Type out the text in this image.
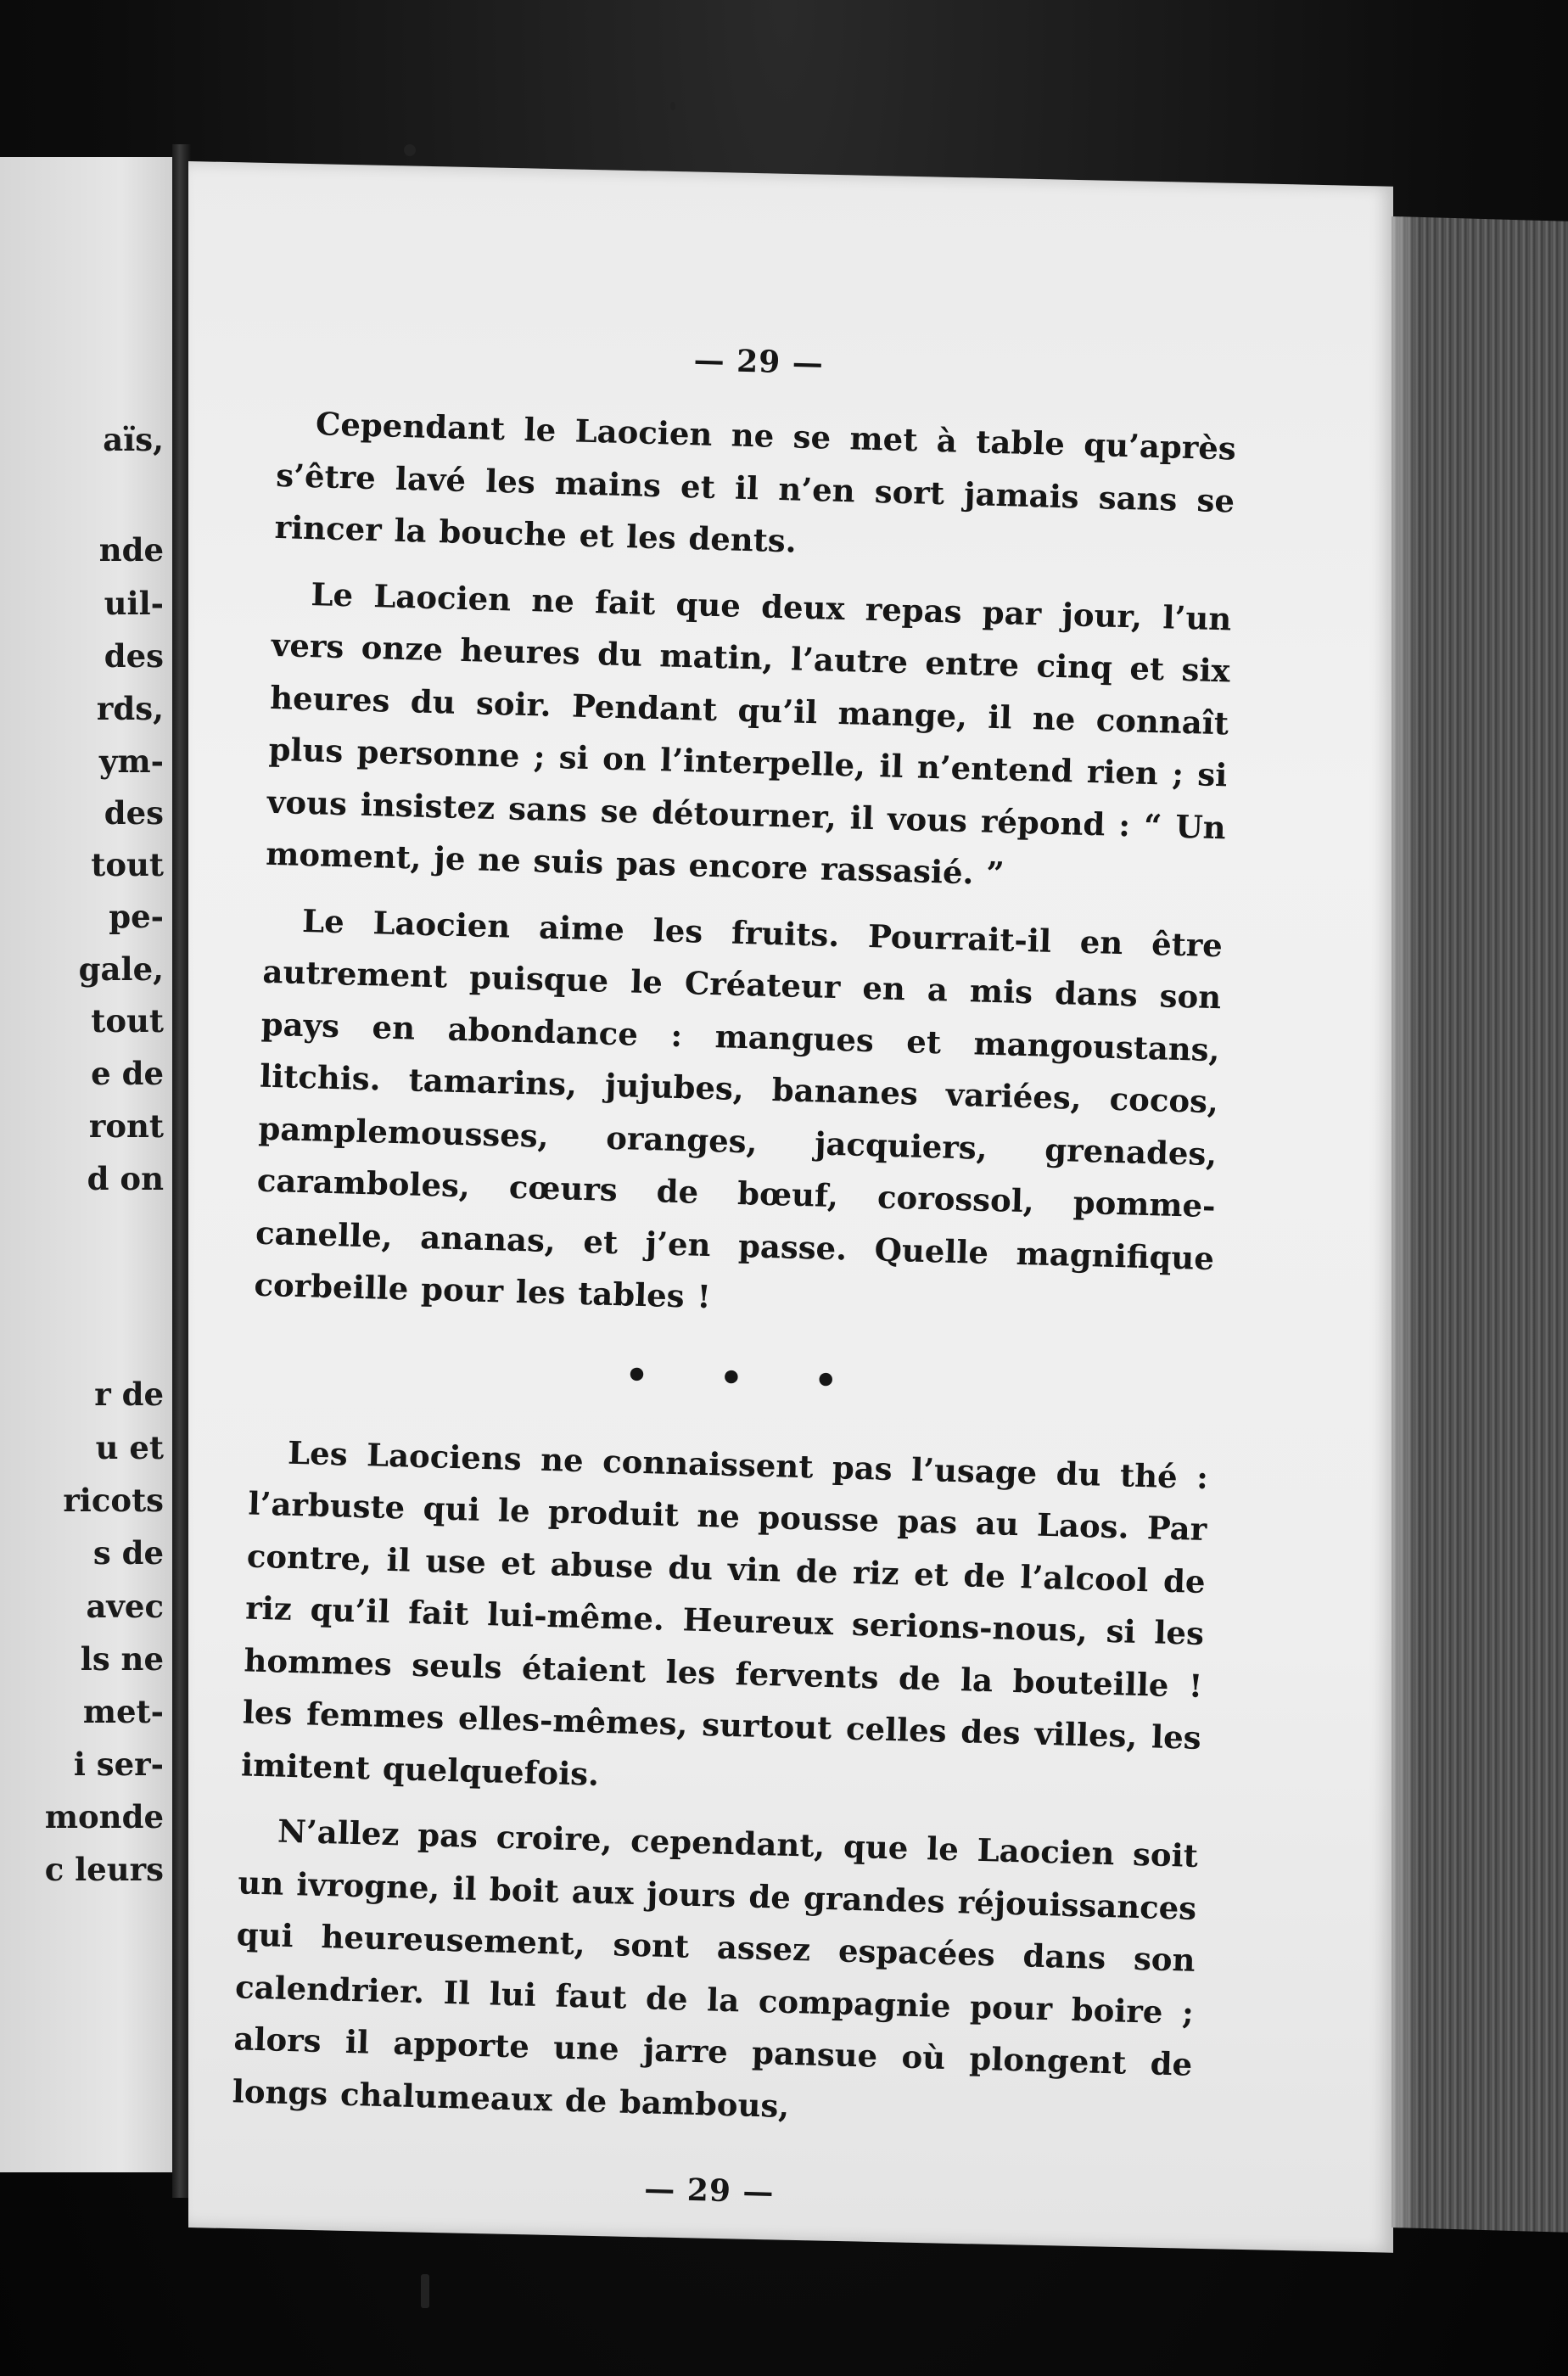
aïs,
nde
uil-
des
rds,
ym-
des
tout
pe-
gale,
tout
e de
ront
d on
r de
u et
ricots
s de
avec
ls ne
met-
i ser-
monde
c leurs
— 29 —

Cependant le Laocien ne se met à table qu’après s’être lavé les mains et il n’en sort jamais sans se rincer la bouche et les dents.

Le Laocien ne fait que deux repas par jour, l’un vers onze heures du matin, l’autre entre cinq et six heures du soir. Pendant qu’il mange, il ne connaît plus personne ; si on l’interpelle, il n’entend rien ; si vous insistez sans se détourner, il vous répond : “ Un moment, je ne suis pas encore rassasié. ”

Le Laocien aime les fruits. Pourrait-il en être autrement puisque le Créateur en a mis dans son pays en abondance : mangues et mangoustans, litchis. tamarins, jujubes, bananes variées, cocos, pamplemousses, oranges, jacquiers, grenades, caramboles, cœurs de bœuf, corossol, pomme-canelle, ananas, et j’en passe. Quelle magnifique corbeille pour les tables !

• • •

Les Laociens ne connaissent pas l’usage du thé : l’arbuste qui le produit ne pousse pas au Laos. Par contre, il use et abuse du vin de riz et de l’alcool de riz qu’il fait lui-même. Heureux serions-nous, si les hommes seuls étaient les fervents de la bouteille ! les femmes elles-mêmes, surtout celles des villes, les imitent quelquefois.

N’allez pas croire, cependant, que le Laocien soit un ivrogne, il boit aux jours de grandes réjouissances qui heureusement, sont assez espacées dans son calendrier. Il lui faut de la compagnie pour boire ; alors il apporte une jarre pansue où plongent de longs chalumeaux de bambous,

— 29 —
